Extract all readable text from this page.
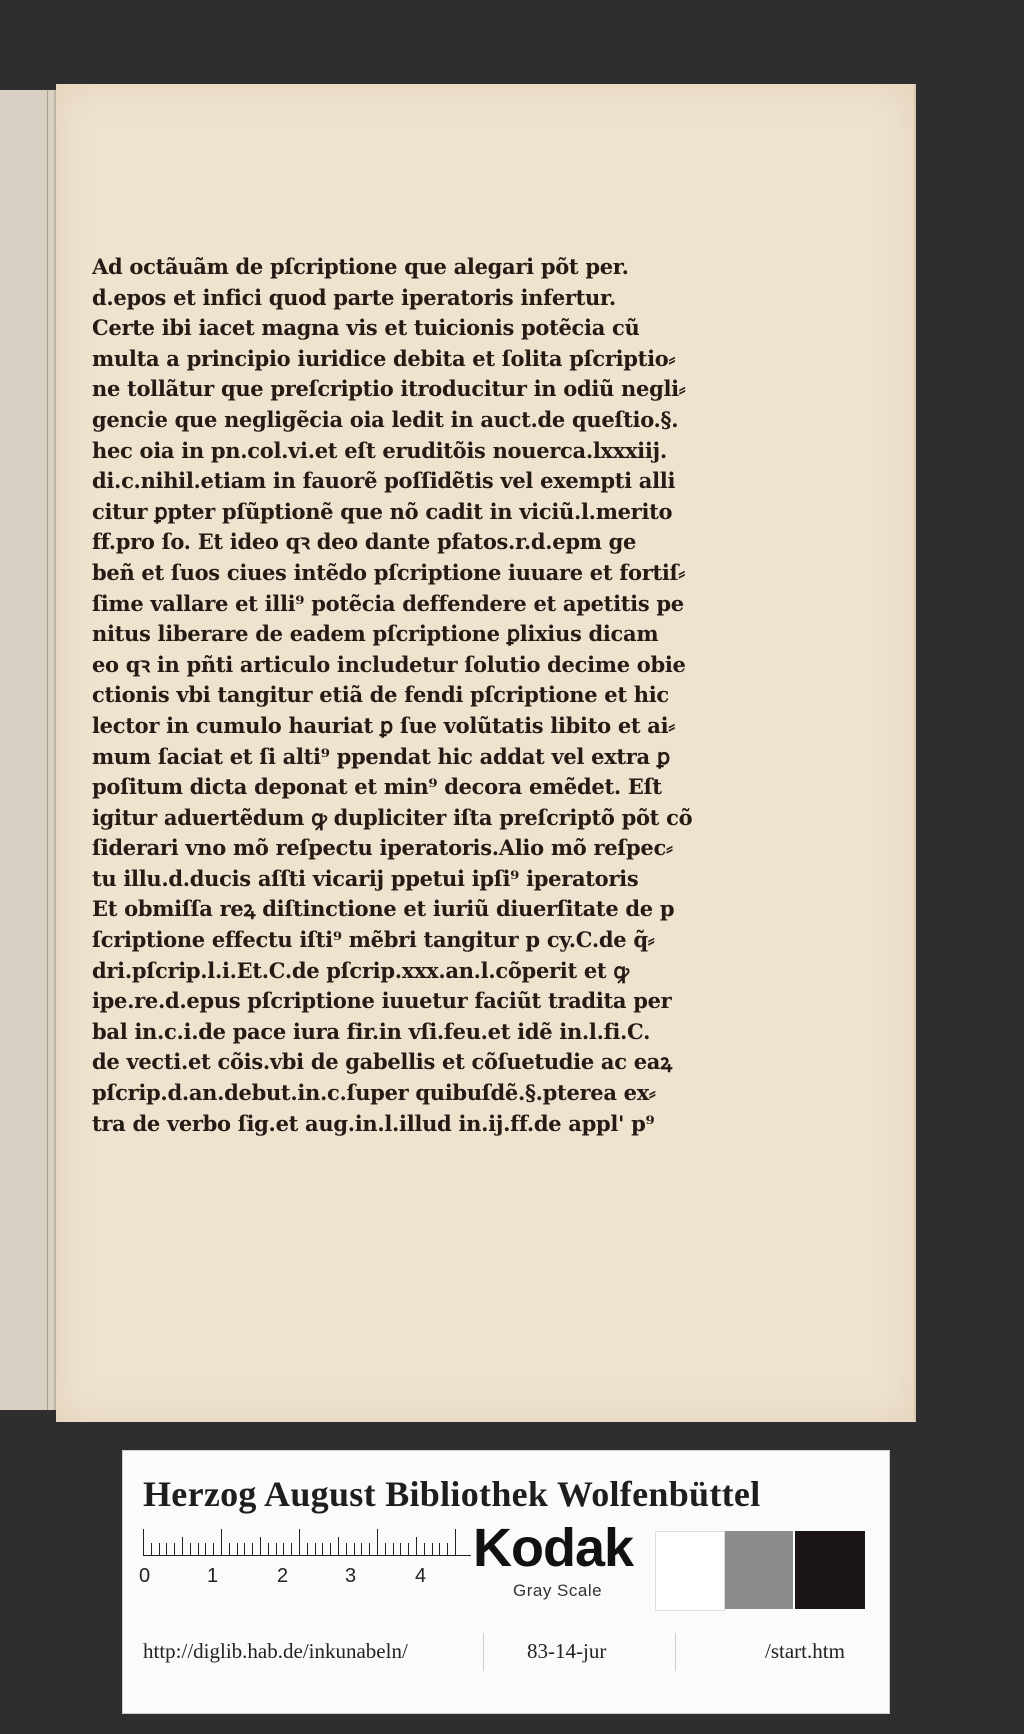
Ad octãuãm de pſcriptione que alegari põt per.
d.epos et infici quod parte iperatoris infertur.
Certe ibi iacet magna vis et tuicionis potẽcia cũ
multa a principio iuridice debita et ſolita pſcriptio⸗
ne tollãtur que preſcriptio itroducitur in odiũ negli⸗
gencie que negligẽcia oia ledit in auct.de queſtio.§.
hec oia in pn.col.vi.et eſt eruditõis nouerca.lxxxiij.
di.c.nihil.etiam in fauorẽ poſſidẽtis vel exempti alli
citur ꝑpter pſũptionẽ que nõ cadit in viciũ.l.merito
ff.pro ſo. Et ideo qꝛ deo dante pfatos.r.d.epm ge
beñ et ſuos ciues intẽdo pſcriptione iuuare et fortiſ⸗
ſime vallare et illi⁹ potẽcia deffendere et apetitis pe
nitus liberare de eadem pſcriptione ꝑlixius dicam
eo qꝛ in pñti articulo includetur ſolutio decime obie
ctionis vbi tangitur etiã de fendi pſcriptione et hic
lector in cumulo hauriat ꝑ ſue volũtatis libito et ai⸗
mum ſaciat et ſi alti⁹ ppendat hic addat vel extra ꝑ
poſitum dicta deponat et min⁹ decora emẽdet. Eſt
igitur aduertẽdum ꝙ dupliciter iſta preſcriptõ põt cõ
ſiderari vno mõ reſpectu iperatoris.Alio mõ reſpec⸗
tu illu.d.ducis aſſti vicarij ppetui ipſi⁹ iperatoris
Et obmiſſa reꝝ diſtinctione et iuriũ diuerſitate de p
ſcriptione effectu iſti⁹ mẽbri tangitur p cy.C.de q̃⸗
dri.pſcrip.l.i.Et.C.de pſcrip.xxx.an.l.cõperit et ꝙ
ipe.re.d.epus pſcriptione iuuetur faciũt tradita per
bal in.c.i.de pace iura fir.in vſi.feu.et idẽ in.l.fi.C.
de vecti.et cõis.vbi de gabellis et cõſuetudie ac eaꝝ
pſcrip.d.an.debut.in.c.ſuper quibuſdẽ.§.pterea ex⸗
tra de verbo ſig.et aug.in.l.illud in.ij.ff.de appl' p⁹
Herzog August Bibliothek Wolfenbüttel
0	1	2	3	4 Kodak
Gray Scale
http://diglib.hab.de/inkunabeln/	83-14-jur	/start.htm
